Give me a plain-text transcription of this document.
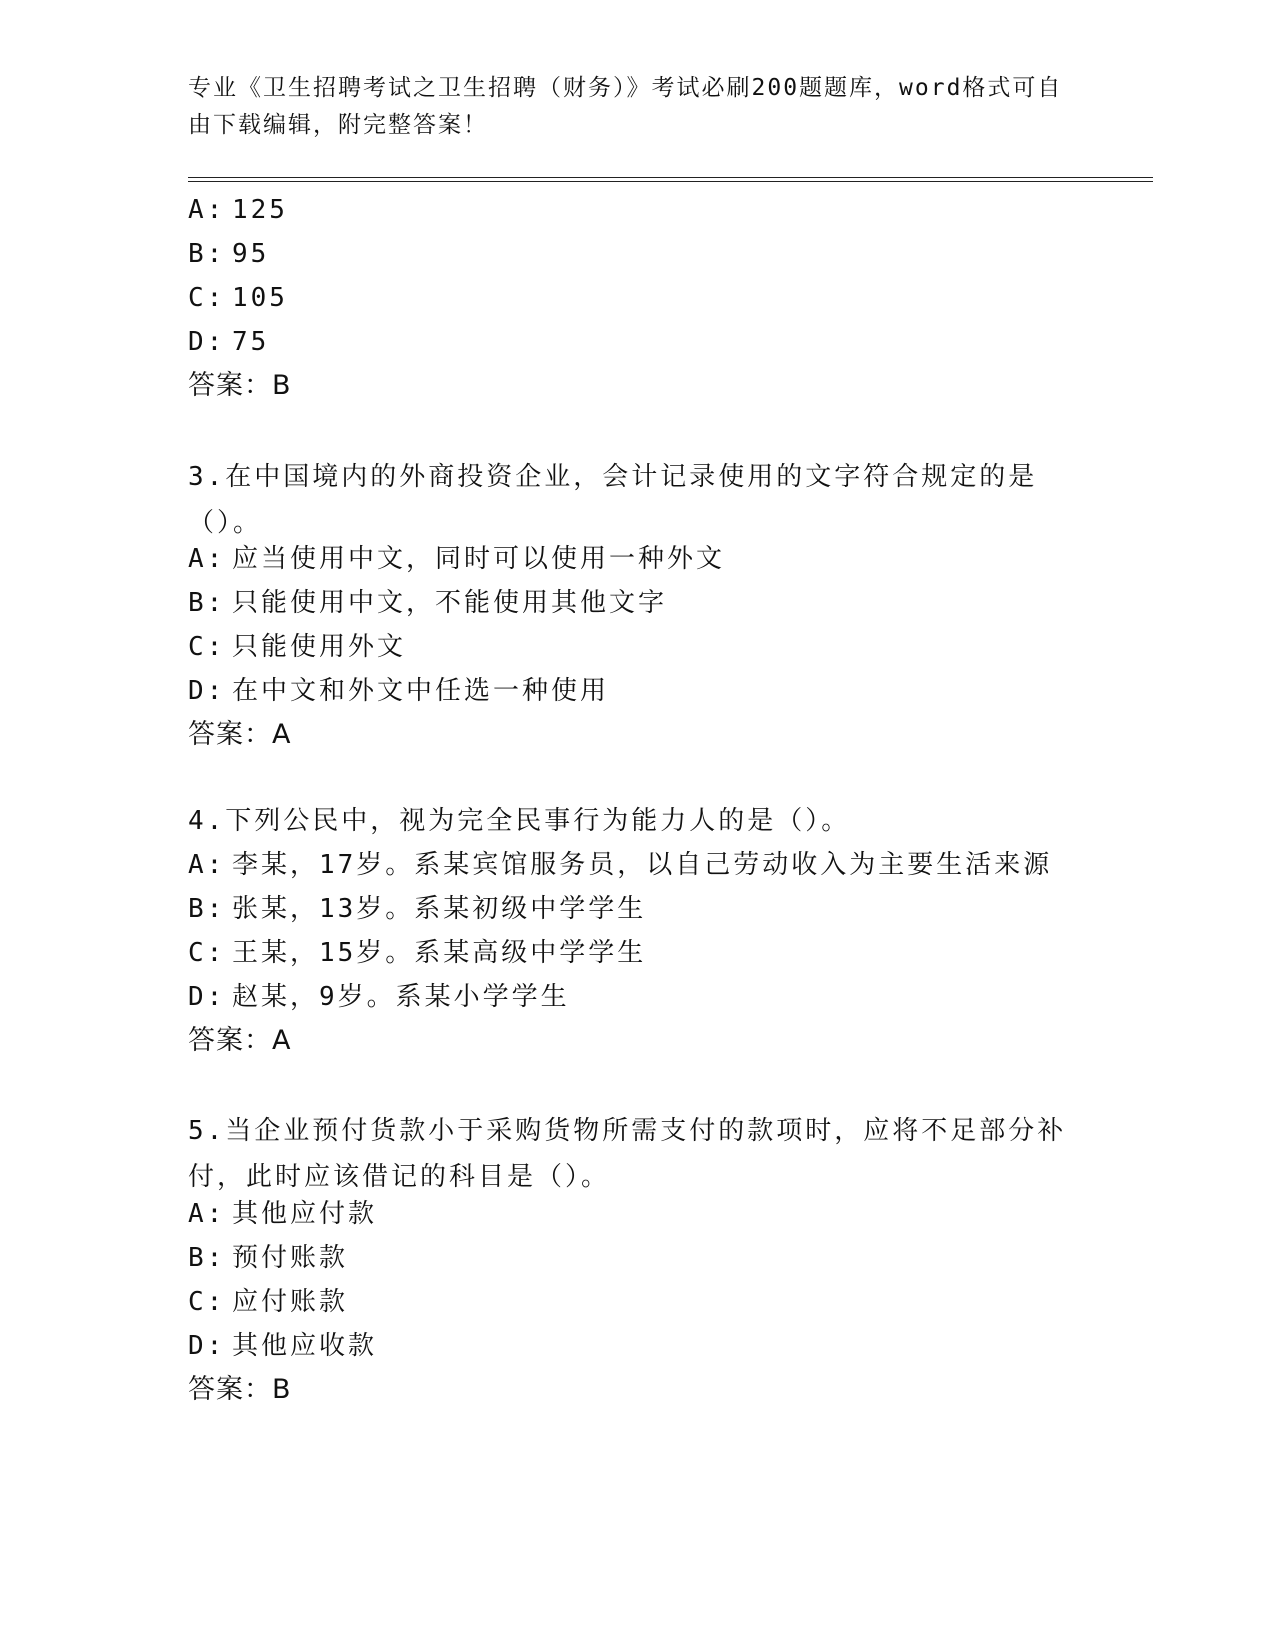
专业《卫生招聘考试之卫生招聘（财务）》考试必刷200题题库，word格式可自由下载编辑，附完整答案！
A: 125
B: 95
C: 105
D: 75
答案：B
3.在中国境内的外商投资企业，会计记录使用的文字符合规定的是（）。
A: 应当使用中文，同时可以使用一种外文
B: 只能使用中文，不能使用其他文字
C: 只能使用外文
D: 在中文和外文中任选一种使用
答案：A
4.下列公民中，视为完全民事行为能力人的是（）。
A: 李某，17岁。系某宾馆服务员，以自己劳动收入为主要生活来源
B: 张某，13岁。系某初级中学学生
C: 王某，15岁。系某高级中学学生
D: 赵某，9岁。系某小学学生
答案：A
5.当企业预付货款小于采购货物所需支付的款项时，应将不足部分补付，此时应该借记的科目是（）。
A: 其他应付款
B: 预付账款
C: 应付账款
D: 其他应收款
答案：B
